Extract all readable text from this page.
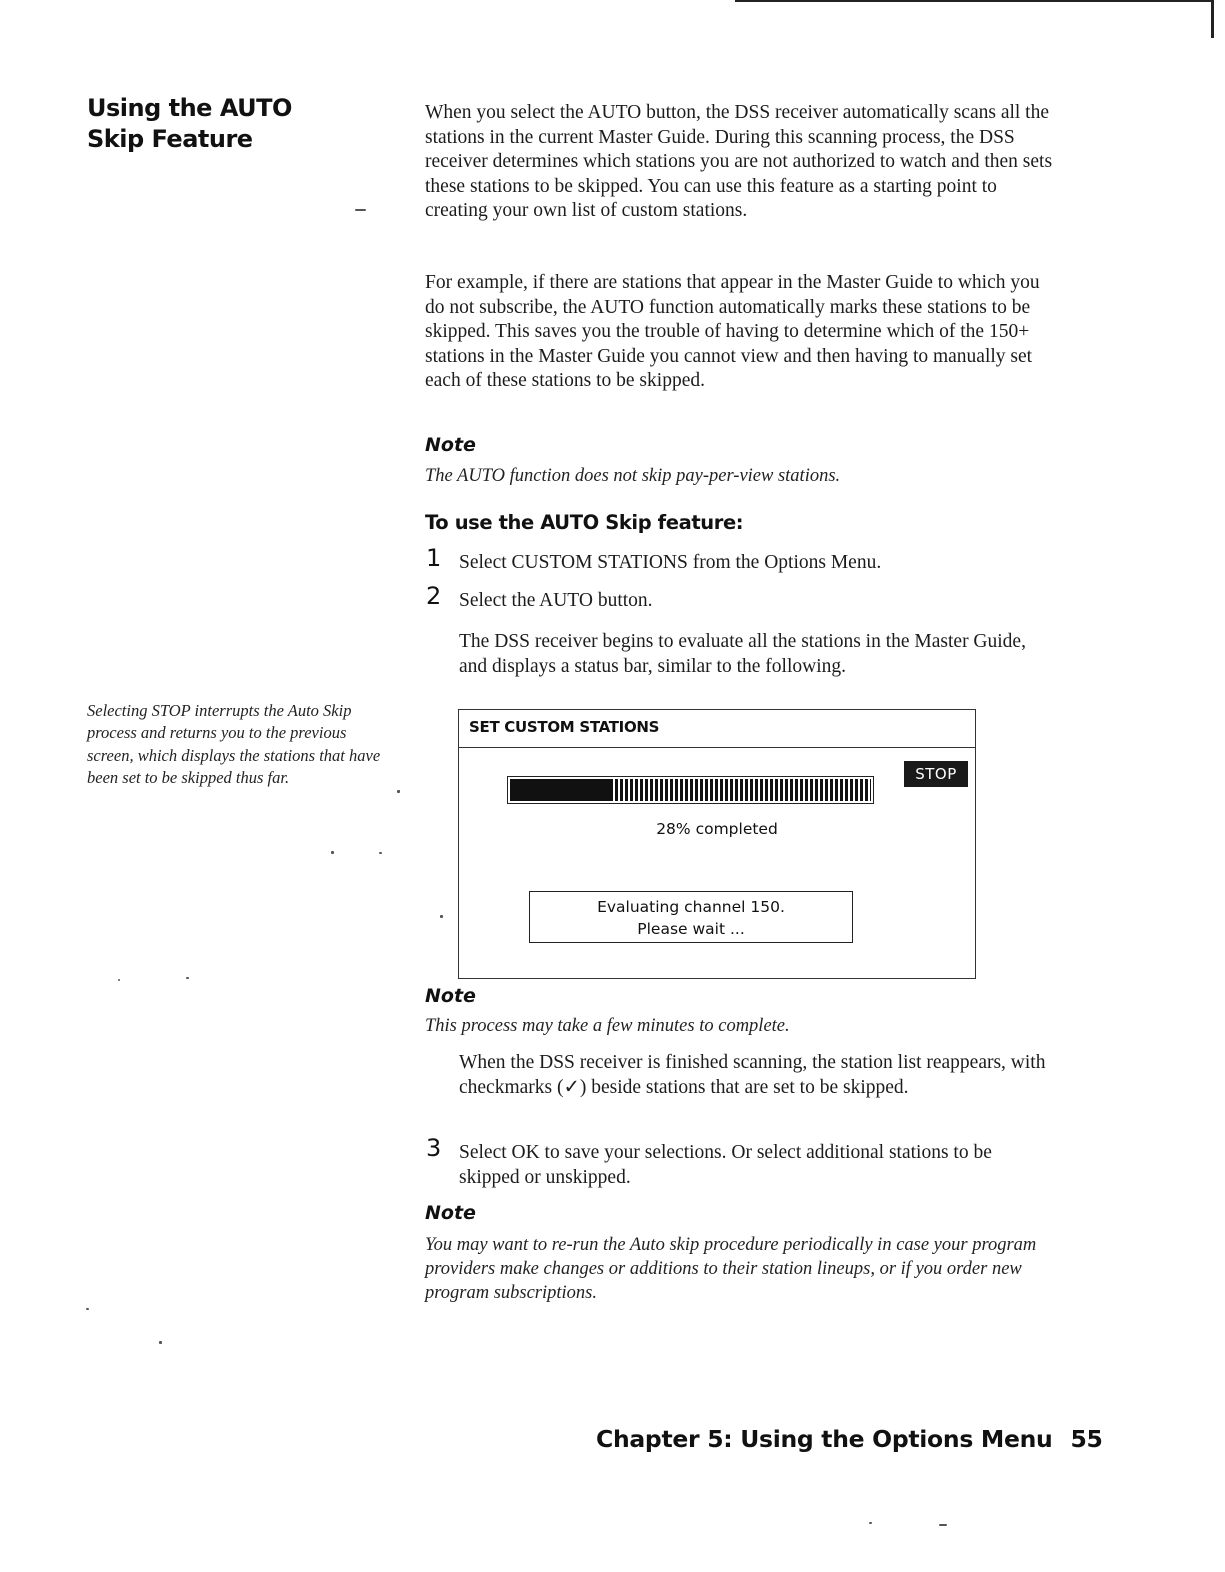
Using the AUTO
Skip Feature
When you select the AUTO button, the DSS receiver automatically scans all the stations in the current Master Guide. During this scanning process, the DSS receiver determines which stations you are not authorized to watch and then sets these stations to be skipped. You can use this feature as a starting point to creating your own list of custom stations.
For example, if there are stations that appear in the Master Guide to which you do not subscribe, the AUTO function automatically marks these stations to be skipped. This saves you the trouble of having to determine which of the 150+ stations in the Master Guide you cannot view and then having to manually set each of these stations to be skipped.
Note
The AUTO function does not skip pay-per-view stations.
To use the AUTO Skip feature:
1 Select CUSTOM STATIONS from the Options Menu.
2 Select the AUTO button.
The DSS receiver begins to evaluate all the stations in the Master Guide, and displays a status bar, similar to the following.
Selecting STOP interrupts the Auto Skip process and returns you to the previous screen, which displays the stations that have been set to be skipped thus far.
SET CUSTOM STATIONS
STOP
28% completed
Evaluating channel 150.
Please wait ...
Note
This process may take a few minutes to complete.
When the DSS receiver is finished scanning, the station list reappears, with checkmarks (✓) beside stations that are set to be skipped.
3 Select OK to save your selections. Or select additional stations to be skipped or unskipped.
Note
You may want to re-run the Auto skip procedure periodically in case your program providers make changes or additions to their station lineups, or if you order new program subscriptions.
Chapter 5: Using the Options Menu 55
